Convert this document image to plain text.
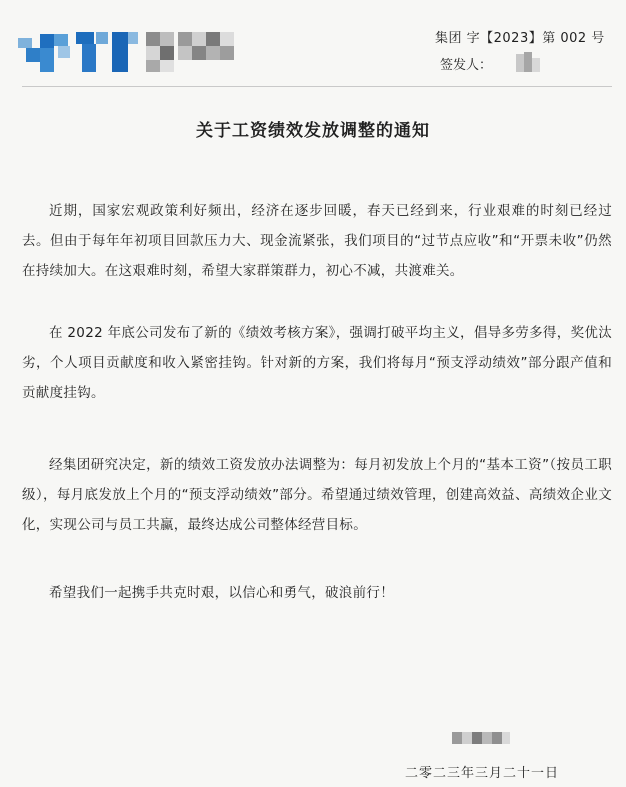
集团 字【2023】第 002 号
签发人：
关于工资绩效发放调整的通知

近期，国家宏观政策利好频出，经济在逐步回暖，春天已经到来，行业艰难的时刻已经过去。但由于每年年初项目回款压力大、现金流紧张，我们项目的“过节点应收”和“开票未收”仍然在持续加大。在这艰难时刻，希望大家群策群力，初心不减，共渡难关。

在 2022 年底公司发布了新的《绩效考核方案》，强调打破平均主义，倡导多劳多得，奖优汰劣，个人项目贡献度和收入紧密挂钩。针对新的方案，我们将每月“预支浮动绩效”部分跟产值和贡献度挂钩。

经集团研究决定，新的绩效工资发放办法调整为：每月初发放上个月的“基本工资”（按员工职级），每月底发放上个月的“预支浮动绩效”部分。希望通过绩效管理，创建高效益、高绩效企业文化，实现公司与员工共赢，最终达成公司整体经营目标。

希望我们一起携手共克时艰，以信心和勇气，破浪前行！

二零二三年三月二十一日
